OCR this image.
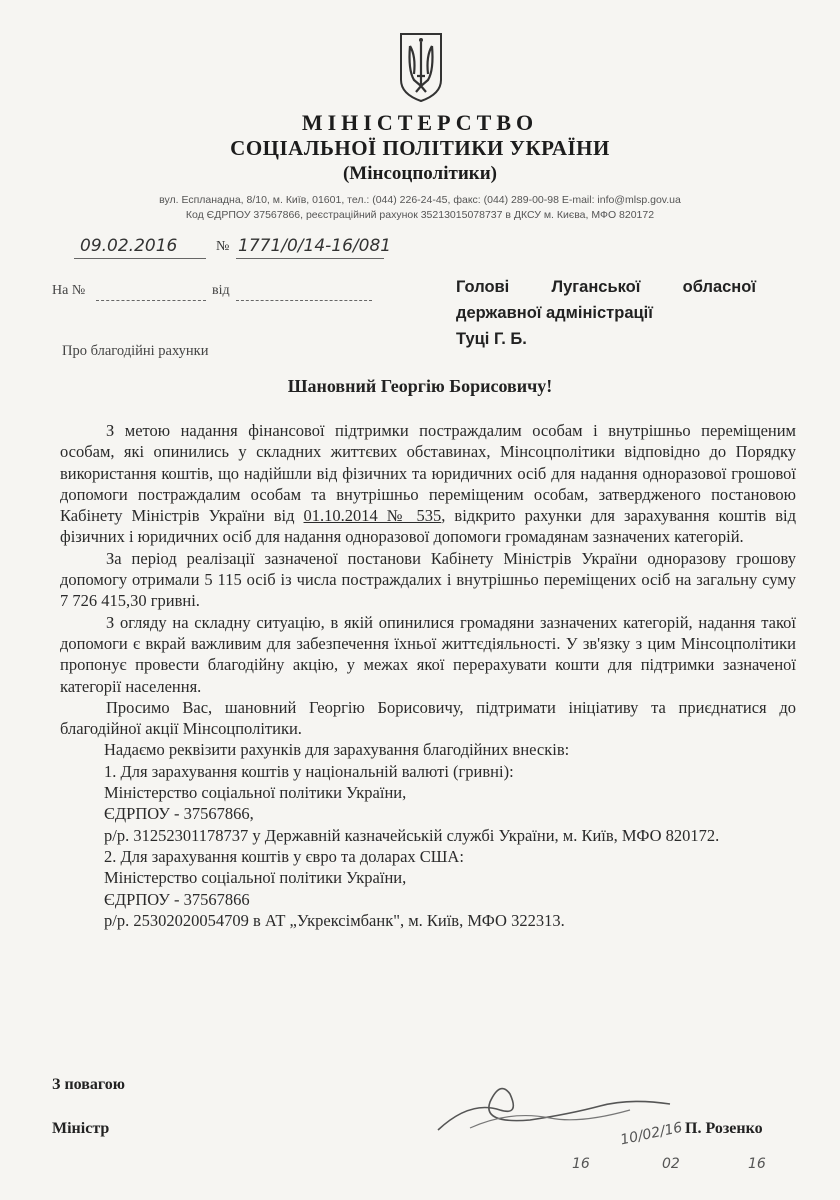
МІНІСТЕРСТВО
СОЦІАЛЬНОЇ ПОЛІТИКИ УКРАЇНИ
(Мінсоцполітики)
вул. Еспланадна, 8/10, м. Київ, 01601, тел.: (044) 226-24-45, факс: (044) 289-00-98 E-mail: info@mlsp.gov.ua
Код ЄДРПОУ 37567866, реєстраційний рахунок 35213015078737 в ДКСУ м. Києва, МФО 820172
09.02.2016	№ 1771/0/14-16/081
На №	від	Голові Луганської обласної
державної адміністрації
Туці Г. Б.
Про благодійні рахунки
Шановний Георгію Борисовичу!

З метою надання фінансової підтримки постраждалим особам і внутрішньо переміщеним особам, які опинились у складних життєвих обставинах, Мінсоцполітики відповідно до Порядку використання коштів, що надійшли від фізичних та юридичних осіб для надання одноразової грошової допомоги постраждалим особам та внутрішньо переміщеним особам, затвердженого постановою Кабінету Міністрів України від 01.10.2014 № 535, відкрито рахунки для зарахування коштів від фізичних і юридичних осіб для надання одноразової допомоги громадянам зазначених категорій.

За період реалізації зазначеної постанови Кабінету Міністрів України одноразову грошову допомогу отримали 5 115 осіб із числа постраждалих і внутрішньо переміщених осіб на загальну суму 7 726 415,30 гривні.

З огляду на складну ситуацію, в якій опинилися громадяни зазначених категорій, надання такої допомоги є вкрай важливим для забезпечення їхньої життєдіяльності. У зв'язку з цим Мінсоцполітики пропонує провести благодійну акцію, у межах якої перерахувати кошти для підтримки зазначеної категорії населення.

Просимо Вас, шановний Георгію Борисовичу, підтримати ініціативу та приєднатися до благодійної акції Мінсоцполітики.

Надаємо реквізити рахунків для зарахування благодійних внесків:

1. Для зарахування коштів у національній валюті (гривні):

Міністерство соціальної політики України,

ЄДРПОУ - 37567866,

р/р. 31252301178737 у Державній казначейській службі України, м. Київ, МФО 820172.

2. Для зарахування коштів у євро та доларах США:

Міністерство соціальної політики України,

ЄДРПОУ - 37567866

р/р. 25302020054709 в АТ „Укрексімбанк", м. Київ, МФО 322313.

З повагою
Міністр	10/02/16 П. Розенко
16	02	16
